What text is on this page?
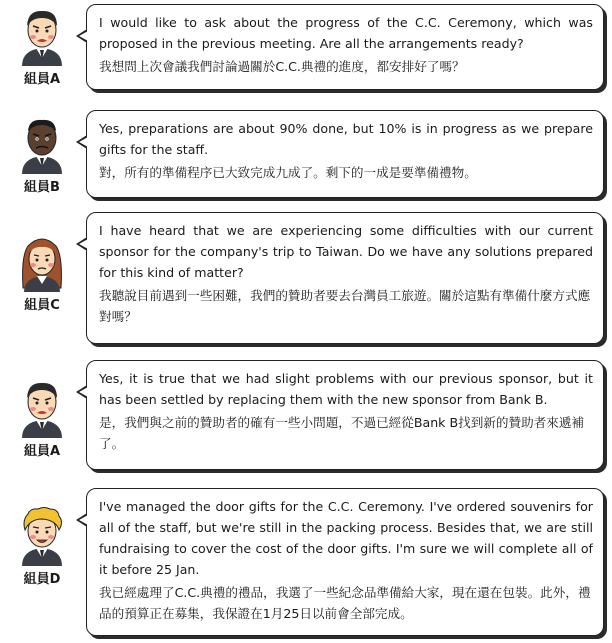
組員A

I would like to ask about the progress of the C.C. Ceremony, which was proposed in the previous meeting. Are all the arrangements ready?

我想問上次會議我們討論過關於C.C.典禮的進度，都安排好了嗎？

組員B

Yes, preparations are about 90% done, but 10% is in progress as we prepare gifts for the staff.

對，所有的準備程序已大致完成九成了。剩下的一成是要準備禮物。

組員C

I have heard that we are experiencing some difficulties with our current sponsor for the company's trip to Taiwan. Do we have any solutions prepared for this kind of matter?

我聽說目前遇到一些困難，我們的贊助者要去台灣員工旅遊。關於這點有準備什麼方式應對嗎？

組員A

Yes, it is true that we had slight problems with our previous sponsor, but it has been settled by replacing them with the new sponsor from Bank B.

是，我們與之前的贊助者的確有一些小問題，不過已經從Bank B找到新的贊助者來遞補了。

組員D

I've managed the door gifts for the C.C. Ceremony. I've ordered souvenirs for all of the staff, but we're still in the packing process. Besides that, we are still fundraising to cover the cost of the door gifts. I'm sure we will complete all of it before 25 Jan.

我已經處理了C.C.典禮的禮品，我選了一些紀念品準備給大家，現在還在包裝。此外，禮品的預算正在募集，我保證在1月25日以前會全部完成。
